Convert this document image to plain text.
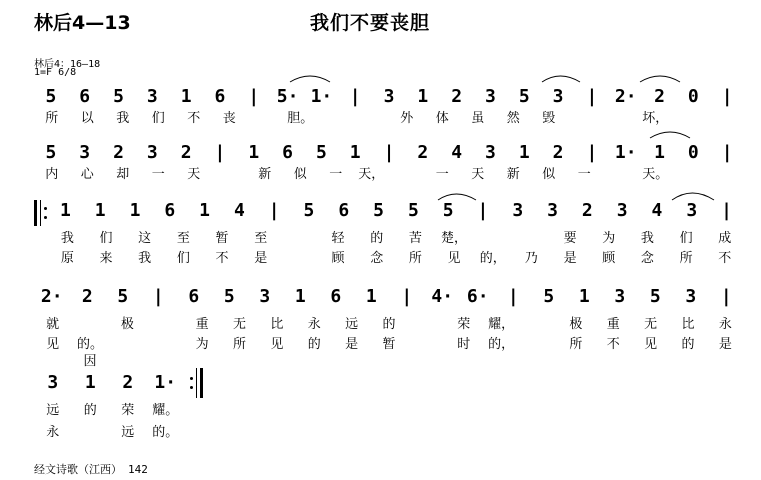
林后4—13	我们不要丧胆
林后4：16—18
1=F 6/8
5	6	5	3	1	6	| 5· 1· |	3	1	2	3	5	3	| 2· 2	0	|
所	以	我	们	不	丧	胆。	外	体	虽	然	毁	坏，
5	3	2	3	2	|	1	6	5	1	|	2	4	3	1	2	| 1· 1	0	|
内	心	却	一	天	新	似	一	天，	一	天	新	似	一	天。
1	1	1	6	1	4	|	5	6	5	5	5	|	3	3	2	3	4	3	|
我	们	这	至	暂	至	轻	的	苦	楚，	要	为	我	们	成
原	来	我	们	不	是	顾	念	所	见	的，	乃	是	顾	念	所	不
2·	2	5	|	6	5	3	1	6	1	|	4· 6·	|	5	1	3	5	3	|
就	极	重	无	比	永	远	的	荣	耀，	极	重	无	比	永
见	的。因
为	所	见	的	是	暂	时	的，	所	不	见	的	是
3	1	2	1·
远	的	荣	耀。
永	远	的。
经文诗歌（江西） 142
